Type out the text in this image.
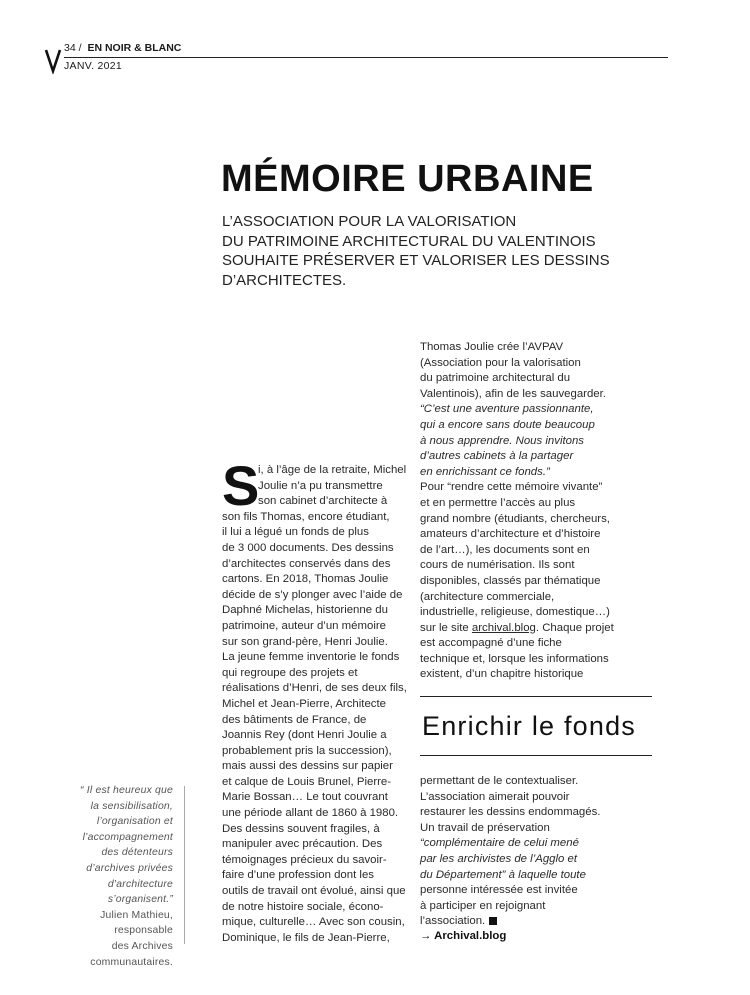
34 / EN NOIR & BLANC
JANV. 2021
MÉMOIRE URBAINE
L’ASSOCIATION POUR LA VALORISATION
DU PATRIMOINE ARCHITECTURAL DU VALENTINOIS
SOUHAITE PRÉSERVER ET VALORISER LES DESSINS
D’ARCHITECTES.
S
i, à l’âge de la retraite, Michel
Joulie n’a pu transmettre
son cabinet d’architecte à
son fils Thomas, encore étudiant,
il lui a légué un fonds de plus
de 3 000 documents. Des dessins
d’architectes conservés dans des
cartons. En 2018, Thomas Joulie
décide de s’y plonger avec l’aide de
Daphné Michelas, historienne du
patrimoine, auteur d’un mémoire
sur son grand-père, Henri Joulie.
La jeune femme inventorie le fonds
qui regroupe des projets et
réalisations d’Henri, de ses deux fils,
Michel et Jean-Pierre, Architecte
des bâtiments de France, de
Joannis Rey (dont Henri Joulie a
probablement pris la succession),
mais aussi des dessins sur papier
et calque de Louis Brunel, Pierre-
Marie Bossan… Le tout couvrant
une période allant de 1860 à 1980.
Des dessins souvent fragiles, à
manipuler avec précaution. Des
témoignages précieux du savoir-
faire d’une profession dont les
outils de travail ont évolué, ainsi que
de notre histoire sociale, écono-
mique, culturelle… Avec son cousin,
Dominique, le fils de Jean-Pierre,
Thomas Joulie crée l’AVPAV
(Association pour la valorisation
du patrimoine architectural du
Valentinois), afin de les sauvegarder.
“C’est une aventure passionnante,
qui a encore sans doute beaucoup
à nous apprendre. Nous invitons
d’autres cabinets à la partager
en enrichissant ce fonds.”
Pour “rendre cette mémoire vivante”
et en permettre l’accès au plus
grand nombre (étudiants, chercheurs,
amateurs d’architecture et d’histoire
de l’art…), les documents sont en
cours de numérisation. Ils sont
disponibles, classés par thématique
(architecture commerciale,
industrielle, religieuse, domestique…)
sur le site archival.blog. Chaque projet
est accompagné d’une fiche
technique et, lorsque les informations
existent, d’un chapitre historique
Enrichir le fonds
permettant de le contextualiser.
L’association aimerait pouvoir
restaurer les dessins endommagés.
Un travail de préservation
“complémentaire de celui mené
par les archivistes de l’Agglo et
du Département” à laquelle toute
personne intéressée est invitée
à participer en rejoignant
l’association.
→ Archival.blog
“ Il est heureux que
la sensibilisation,
l’organisation et
l’accompagnement
des détenteurs
d’archives privées
d’architecture
s’organisent.”
Julien Mathieu,
responsable
des Archives
communautaires.
